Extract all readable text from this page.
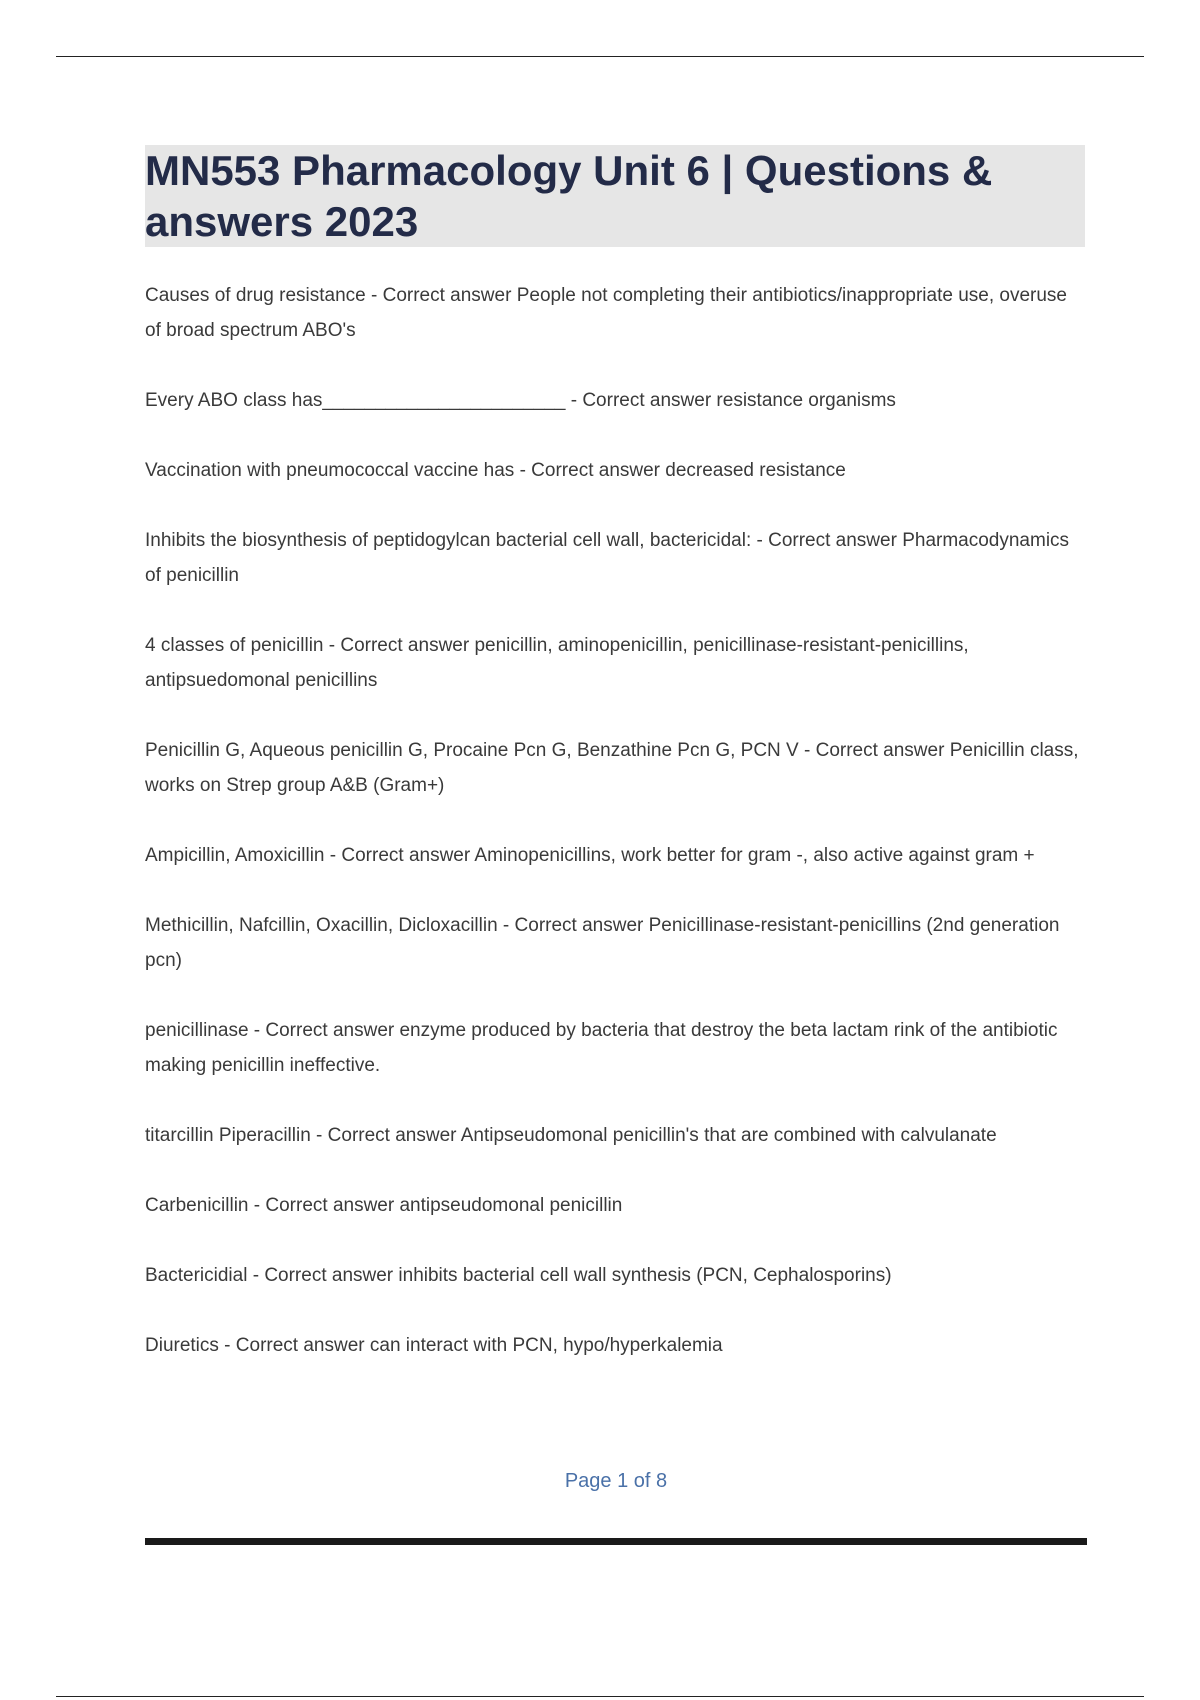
MN553 Pharmacology Unit 6 | Questions &
answers 2023
Causes of drug resistance - Correct answer People not completing their antibiotics/inappropriate use, overuse of broad spectrum ABO's
Every ABO class has_______________________ - Correct answer resistance organisms
Vaccination with pneumococcal vaccine has - Correct answer decreased resistance
Inhibits the biosynthesis of peptidogylcan bacterial cell wall, bactericidal: - Correct answer Pharmacodynamics of penicillin
4 classes of penicillin - Correct answer penicillin, aminopenicillin, penicillinase-resistant-penicillins, antipsuedomonal penicillins
Penicillin G, Aqueous penicillin G, Procaine Pcn G, Benzathine Pcn G, PCN V - Correct answer Penicillin class, works on Strep group A&B (Gram+)
Ampicillin, Amoxicillin - Correct answer Aminopenicillins, work better for gram -, also active against gram +
Methicillin, Nafcillin, Oxacillin, Dicloxacillin - Correct answer Penicillinase-resistant-penicillins (2nd generation pcn)
penicillinase - Correct answer enzyme produced by bacteria that destroy the beta lactam rink of the antibiotic making penicillin ineffective.
titarcillin Piperacillin - Correct answer Antipseudomonal penicillin's that are combined with calvulanate
Carbenicillin - Correct answer antipseudomonal penicillin
Bactericidial - Correct answer inhibits bacterial cell wall synthesis (PCN, Cephalosporins)
Diuretics - Correct answer can interact with PCN, hypo/hyperkalemia
Page 1 of 8
